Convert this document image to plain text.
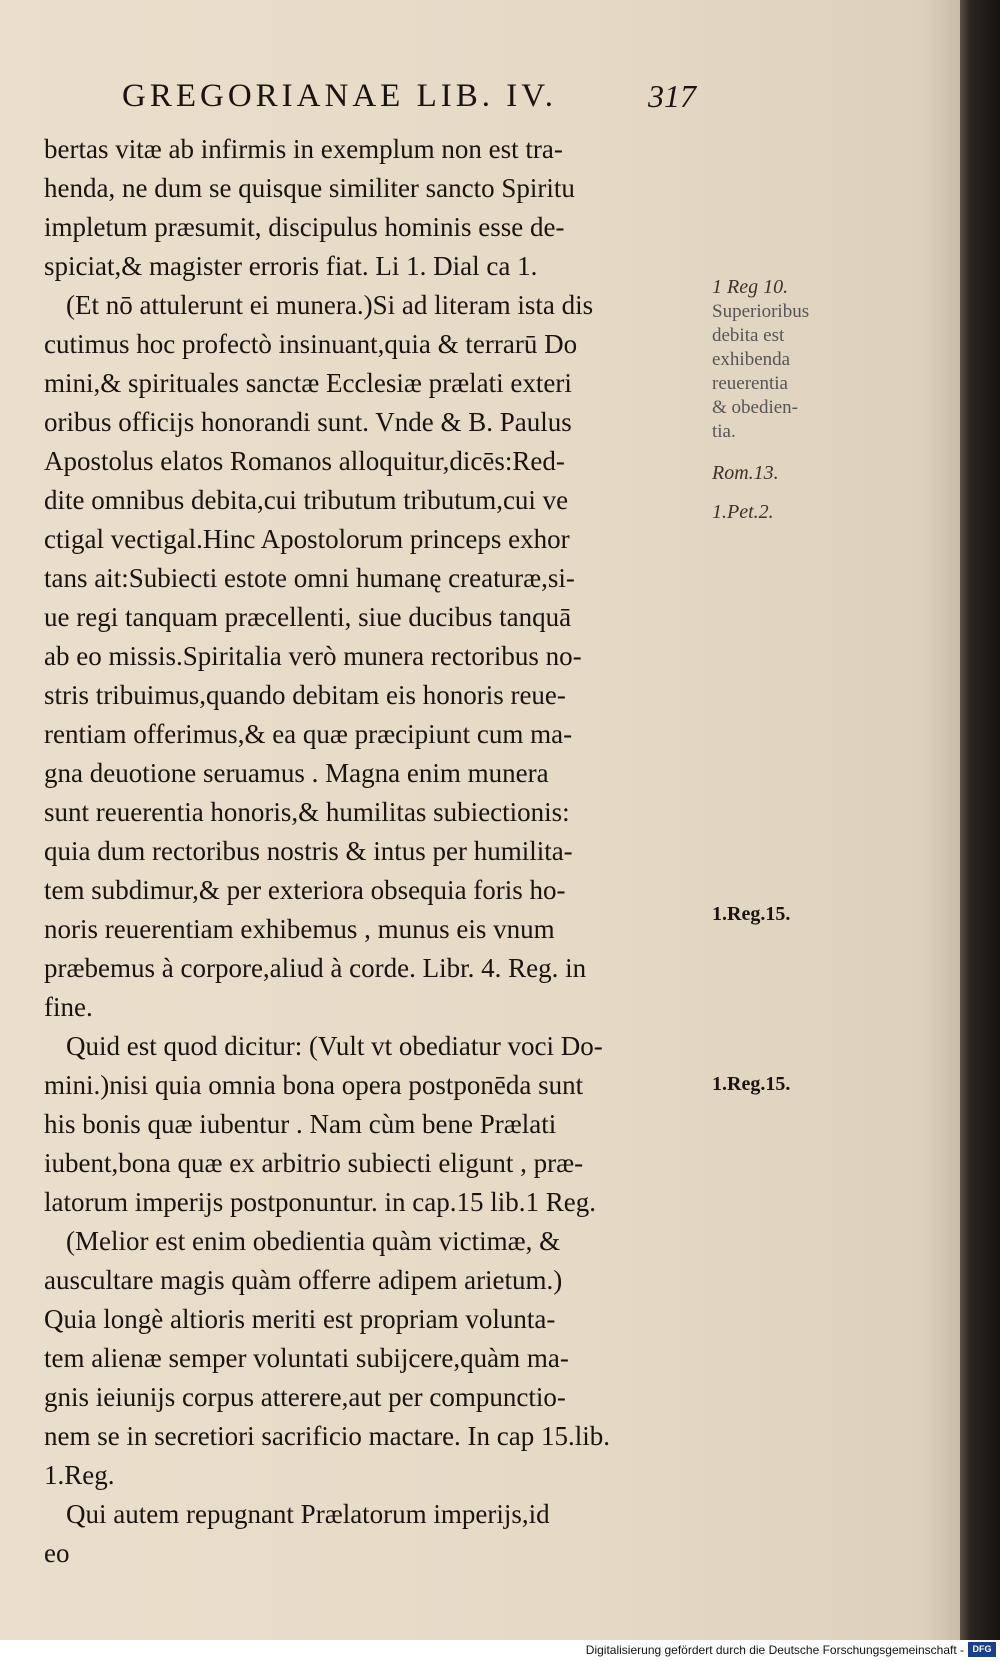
GREGORIANAE LIB. IV.	317
bertas vitæ ab infirmis in exemplum non est tra-
henda, ne dum se quisque similiter sancto Spiritu
impletum præsumit, discipulus hominis esse de-
spiciat,& magister erroris fiat. Li 1. Dial ca 1.
(Et nō attulerunt ei munera.)Si ad literam ista dis
cutimus hoc profectò insinuant,quia & terrarū Do
mini,& spirituales sanctæ Ecclesiæ prælati exteri
oribus officijs honorandi sunt. Vnde & B. Paulus
Apostolus elatos Romanos alloquitur,dicēs:Red-
dite omnibus debita,cui tributum tributum,cui ve
ctigal vectigal.Hinc Apostolorum princeps exhor
tans ait:Subiecti estote omni humanę creaturæ,si-
ue regi tanquam præcellenti, siue ducibus tanquā
ab eo missis.Spiritalia verò munera rectoribus no-
stris tribuimus,quando debitam eis honoris reue-
rentiam offerimus,& ea quæ præcipiunt cum ma-
gna deuotione seruamus . Magna enim munera
sunt reuerentia honoris,& humilitas subiectionis:
quia dum rectoribus nostris & intus per humilita-
tem subdimur,& per exteriora obsequia foris ho-
noris reuerentiam exhibemus , munus eis vnum
præbemus à corpore,aliud à corde. Libr. 4. Reg. in
fine.
Quid est quod dicitur: (Vult vt obediatur voci Do-
mini.)nisi quia omnia bona opera postponēda sunt
his bonis quæ iubentur . Nam cùm bene Prælati
iubent,bona quæ ex arbitrio subiecti eligunt , præ-
latorum imperijs postponuntur. in cap.15 lib.1 Reg.
(Melior est enim obedientia quàm victimæ, &
auscultare magis quàm offerre adipem arietum.)
Quia longè altioris meriti est propriam volunta-
tem alienæ semper voluntati subijcere,quàm ma-
gnis ieiunijs corpus atterere,aut per compunctio-
nem se in secretiori sacrificio mactare. In cap 15.lib.
1.Reg.
Qui autem repugnant Prælatorum imperijs,id
eo
1 Reg 10.
Superioribus
debita est
exhibenda
reuerentia
& obedien-
tia.
Rom.13.
1.Pet.2.
1.Reg.15.
1.Reg.15.
Digitalisierung gefördert durch die Deutsche Forschungsgemeinschaft - DFG
